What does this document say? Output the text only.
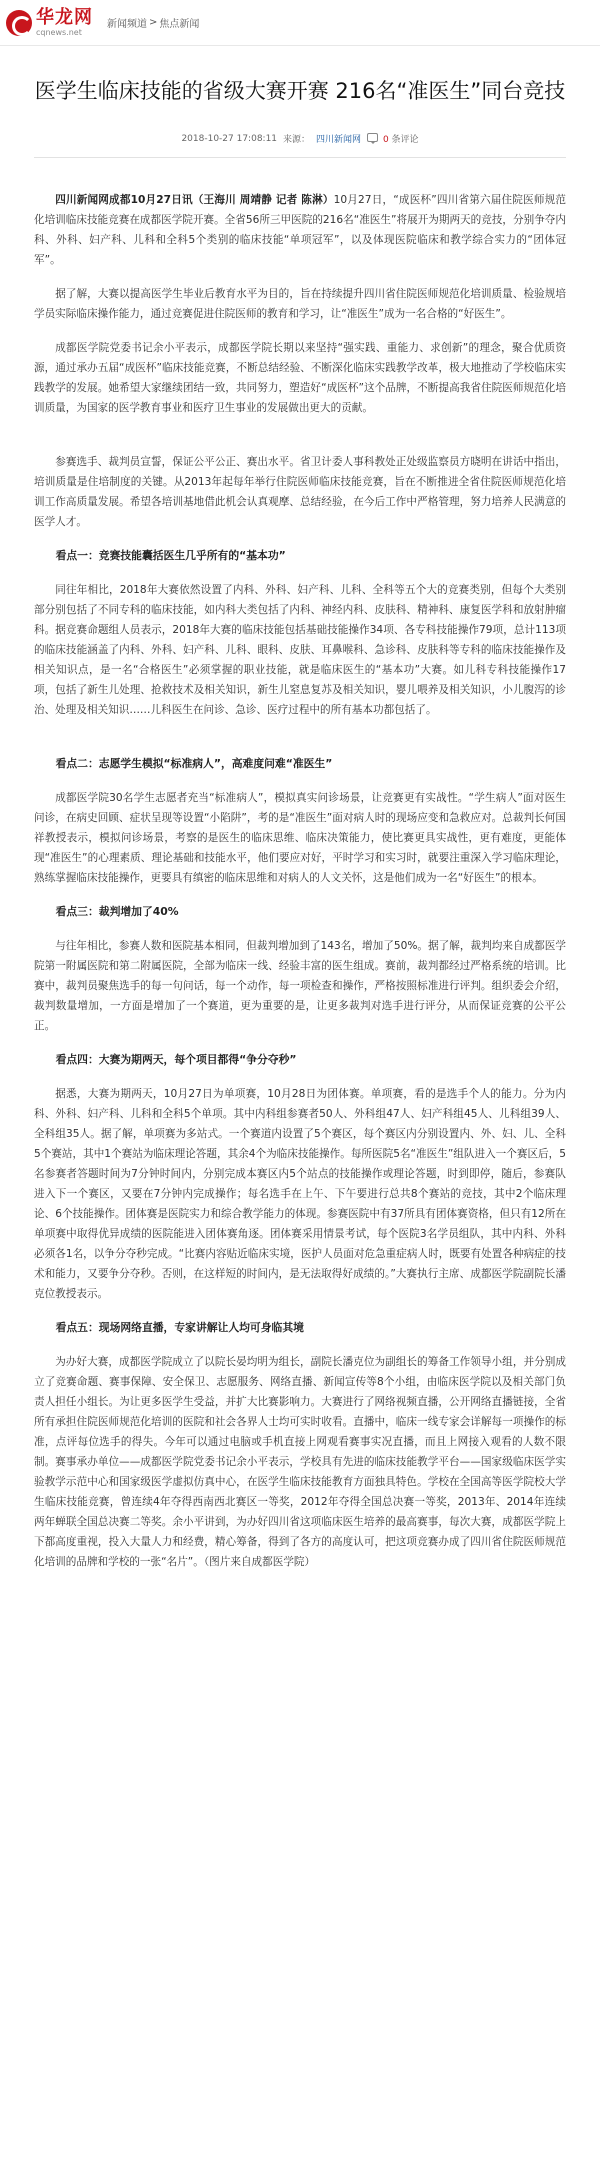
华龙网
cqnews.net
新闻频道 > 焦点新闻
医学生临床技能的省级大赛开赛 216名“准医生”同台竞技
2018-10-27 17:08:11 来源： 四川新闻网	0 条评论

四川新闻网成都10月27日讯（王海川 周靖静 记者 陈淋）10月27日，“成医杯”四川省第六届住院医师规范化培训临床技能竞赛在成都医学院开赛。全省56所三甲医院的216名“准医生”将展开为期两天的竞技，分别争夺内科、外科、妇产科、儿科和全科5个类别的临床技能“单项冠军”，以及体现医院临床和教学综合实力的“团体冠军”。

据了解，大赛以提高医学生毕业后教育水平为目的，旨在持续提升四川省住院医师规范化培训质量、检验规培学员实际临床操作能力，通过竞赛促进住院医师的教育和学习，让“准医生”成为一名合格的“好医生”。

成都医学院党委书记余小平表示，成都医学院长期以来坚持“强实践、重能力、求创新”的理念，聚合优质资源，通过承办五届“成医杯”临床技能竞赛，不断总结经验、不断深化临床实践教学改革，极大地推动了学校临床实践教学的发展。她希望大家继续团结一致，共同努力，塑造好“成医杯”这个品牌，不断提高我省住院医师规范化培训质量，为国家的医学教育事业和医疗卫生事业的发展做出更大的贡献。

参赛选手、裁判员宣誓，保证公平公正、赛出水平。省卫计委人事科教处正处级监察员方晓明在讲话中指出，培训质量是住培制度的关键。从2013年起每年举行住院医师临床技能竞赛，旨在不断推进全省住院医师规范化培训工作高质量发展。希望各培训基地借此机会认真观摩、总结经验，在今后工作中严格管理，努力培养人民满意的医学人才。

看点一：竞赛技能囊括医生几乎所有的“基本功”

同往年相比，2018年大赛依然设置了内科、外科、妇产科、儿科、全科等五个大的竞赛类别，但每个大类别部分别包括了不同专科的临床技能，如内科大类包括了内科、神经内科、皮肤科、精神科、康复医学科和放射肿瘤科。据竞赛命题组人员表示，2018年大赛的临床技能包括基础技能操作34项、各专科技能操作79项，总计113项的临床技能涵盖了内科、外科、妇产科、儿科、眼科、皮肤、耳鼻喉科、急诊科、皮肤科等专科的临床技能操作及相关知识点，是一名“合格医生”必须掌握的职业技能，就是临床医生的“基本功”大赛。如儿科专科技能操作17项，包括了新生儿处理、抢救技术及相关知识，新生儿窒息复苏及相关知识，婴儿喂养及相关知识，小儿腹泻的诊治、处理及相关知识……儿科医生在问诊、急诊、医疗过程中的所有基本功都包括了。

看点二：志愿学生模拟“标准病人”，高难度问难“准医生”

成都医学院30名学生志愿者充当“标准病人”，模拟真实问诊场景，让竞赛更有实战性。“学生病人”面对医生问诊，在病史回顾、症状呈现等设置“小陷阱”，考的是“准医生”面对病人时的现场应变和急救应对。总裁判长何国祥教授表示，模拟问诊场景，考察的是医生的临床思维、临床决策能力，使比赛更具实战性，更有难度，更能体现“准医生”的心理素质、理论基础和技能水平，他们要应对好，平时学习和实习时，就要注重深入学习临床理论，熟练掌握临床技能操作，更要具有缜密的临床思维和对病人的人文关怀，这是他们成为一名“好医生”的根本。

看点三：裁判增加了40%

与往年相比，参赛人数和医院基本相同，但裁判增加到了143名，增加了50%。据了解，裁判均来自成都医学院第一附属医院和第二附属医院，全部为临床一线、经验丰富的医生组成。赛前，裁判都经过严格系统的培训。比赛中，裁判员聚焦选手的每一句问话，每一个动作，每一项检查和操作，严格按照标准进行评判。组织委会介绍，裁判数量增加，一方面是增加了一个赛道，更为重要的是，让更多裁判对选手进行评分，从而保证竞赛的公平公正。

看点四：大赛为期两天，每个项目都得“争分夺秒”

据悉，大赛为期两天，10月27日为单项赛，10月28日为团体赛。单项赛，看的是选手个人的能力。分为内科、外科、妇产科、儿科和全科5个单项。其中内科组参赛者50人、外科组47人、妇产科组45人、儿科组39人、全科组35人。据了解，单项赛为多站式。一个赛道内设置了5个赛区，每个赛区内分别设置内、外、妇、儿、全科5个赛站，其中1个赛站为临床理论答题，其余4个为临床技能操作。每所医院5名“准医生”组队进入一个赛区后，5名参赛者答题时间为7分钟时间内，分别完成本赛区内5个站点的技能操作或理论答题，时到即停，随后，参赛队进入下一个赛区，又要在7分钟内完成操作；每名选手在上午、下午要进行总共8个赛站的竞技，其中2个临床理论、6个技能操作。团体赛是医院实力和综合教学能力的体现。参赛医院中有37所具有团体赛资格，但只有12所在单项赛中取得优异成绩的医院能进入团体赛角逐。团体赛采用情景考试，每个医院3名学员组队，其中内科、外科必须各1名，以争分夺秒完成。“比赛内容贴近临床实境，医护人员面对危急重症病人时，既要有处置各种病症的技术和能力，又要争分夺秒。否则，在这样短的时间内，是无法取得好成绩的。”大赛执行主席、成都医学院副院长潘克位教授表示。

看点五：现场网络直播，专家讲解让人均可身临其境

为办好大赛，成都医学院成立了以院长晏均明为组长，副院长潘克位为副组长的筹备工作领导小组，并分别成立了竞赛命题、赛事保障、安全保卫、志愿服务、网络直播、新闻宣传等8个小组，由临床医学院以及相关部门负责人担任小组长。为让更多医学生受益，并扩大比赛影响力。大赛进行了网络视频直播，公开网络直播链接，全省所有承担住院医师规范化培训的医院和社会各界人士均可实时收看。直播中，临床一线专家会详解每一项操作的标准，点评每位选手的得失。今年可以通过电脑或手机直接上网观看赛事实况直播，而且上网接入观看的人数不限制。赛事承办单位——成都医学院党委书记余小平表示，学校具有先进的临床技能教学平台——国家级临床医学实验教学示范中心和国家级医学虚拟仿真中心，在医学生临床技能教育方面独具特色。学校在全国高等医学院校大学生临床技能竞赛，曾连续4年夺得西南西北赛区一等奖，2012年夺得全国总决赛一等奖，2013年、2014年连续两年蝉联全国总决赛二等奖。余小平讲到，为办好四川省这项临床医生培养的最高赛事，每次大赛，成都医学院上下都高度重视，投入大量人力和经费，精心筹备，得到了各方的高度认可，把这项竞赛办成了四川省住院医师规范化培训的品牌和学校的一张“名片”。（图片来自成都医学院）
